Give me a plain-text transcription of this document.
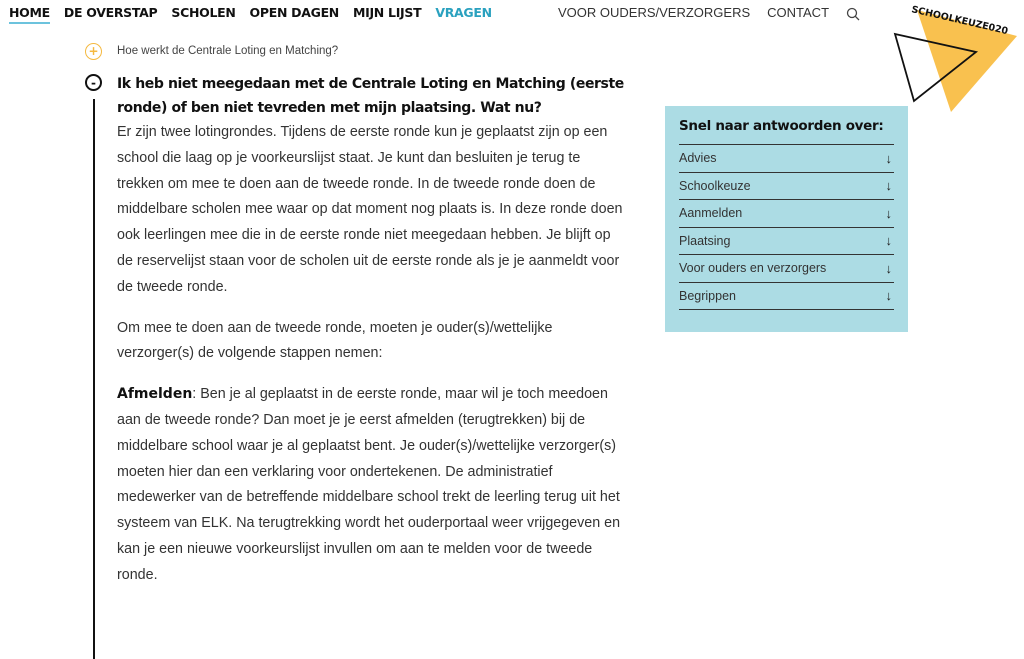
HOME DE OVERSTAP SCHOLEN OPEN DAGEN MIJN LIJST VRAGEN	VOOR OUDERS/VERZORGERS CONTACT	SCHOOLKEUZE020
+	Hoe werkt de Centrale Loting en Matching?
-	Ik heb niet meegedaan met de Centrale Loting en Matching (eerste ronde) of ben niet tevreden met mijn plaatsing. Wat nu?

Er zijn twee lotingrondes. Tijdens de eerste ronde kun je geplaatst zijn op een school die laag op je voorkeurslijst staat. Je kunt dan besluiten je terug te trekken om mee te doen aan de tweede ronde. In de tweede ronde doen de middelbare scholen mee waar op dat moment nog plaats is. In deze ronde doen ook leerlingen mee die in de eerste ronde niet meegedaan hebben. Je blijft op de reservelijst staan voor de scholen uit de eerste ronde als je je aanmeldt voor de tweede ronde.

Om mee te doen aan de tweede ronde, moeten je ouder(s)/wettelijke verzorger(s) de volgende stappen nemen:

Afmelden: Ben je al geplaatst in de eerste ronde, maar wil je toch meedoen aan de tweede ronde? Dan moet je je eerst afmelden (terugtrekken) bij de middelbare school waar je al geplaatst bent. Je ouder(s)/wettelijke verzorger(s) moeten hier dan een verklaring voor ondertekenen. De administratief medewerker van de betreffende middelbare school trekt de leerling terug uit het systeem van ELK. Na terugtrekking wordt het ouderportaal weer vrijgegeven en kan je een nieuwe voorkeurslijst invullen om aan te melden voor de tweede ronde.

Snel naar antwoorden over:
Advies	↓
Schoolkeuze	↓
Aanmelden	↓
Plaatsing	↓
Voor ouders en verzorgers	↓
Begrippen	↓
